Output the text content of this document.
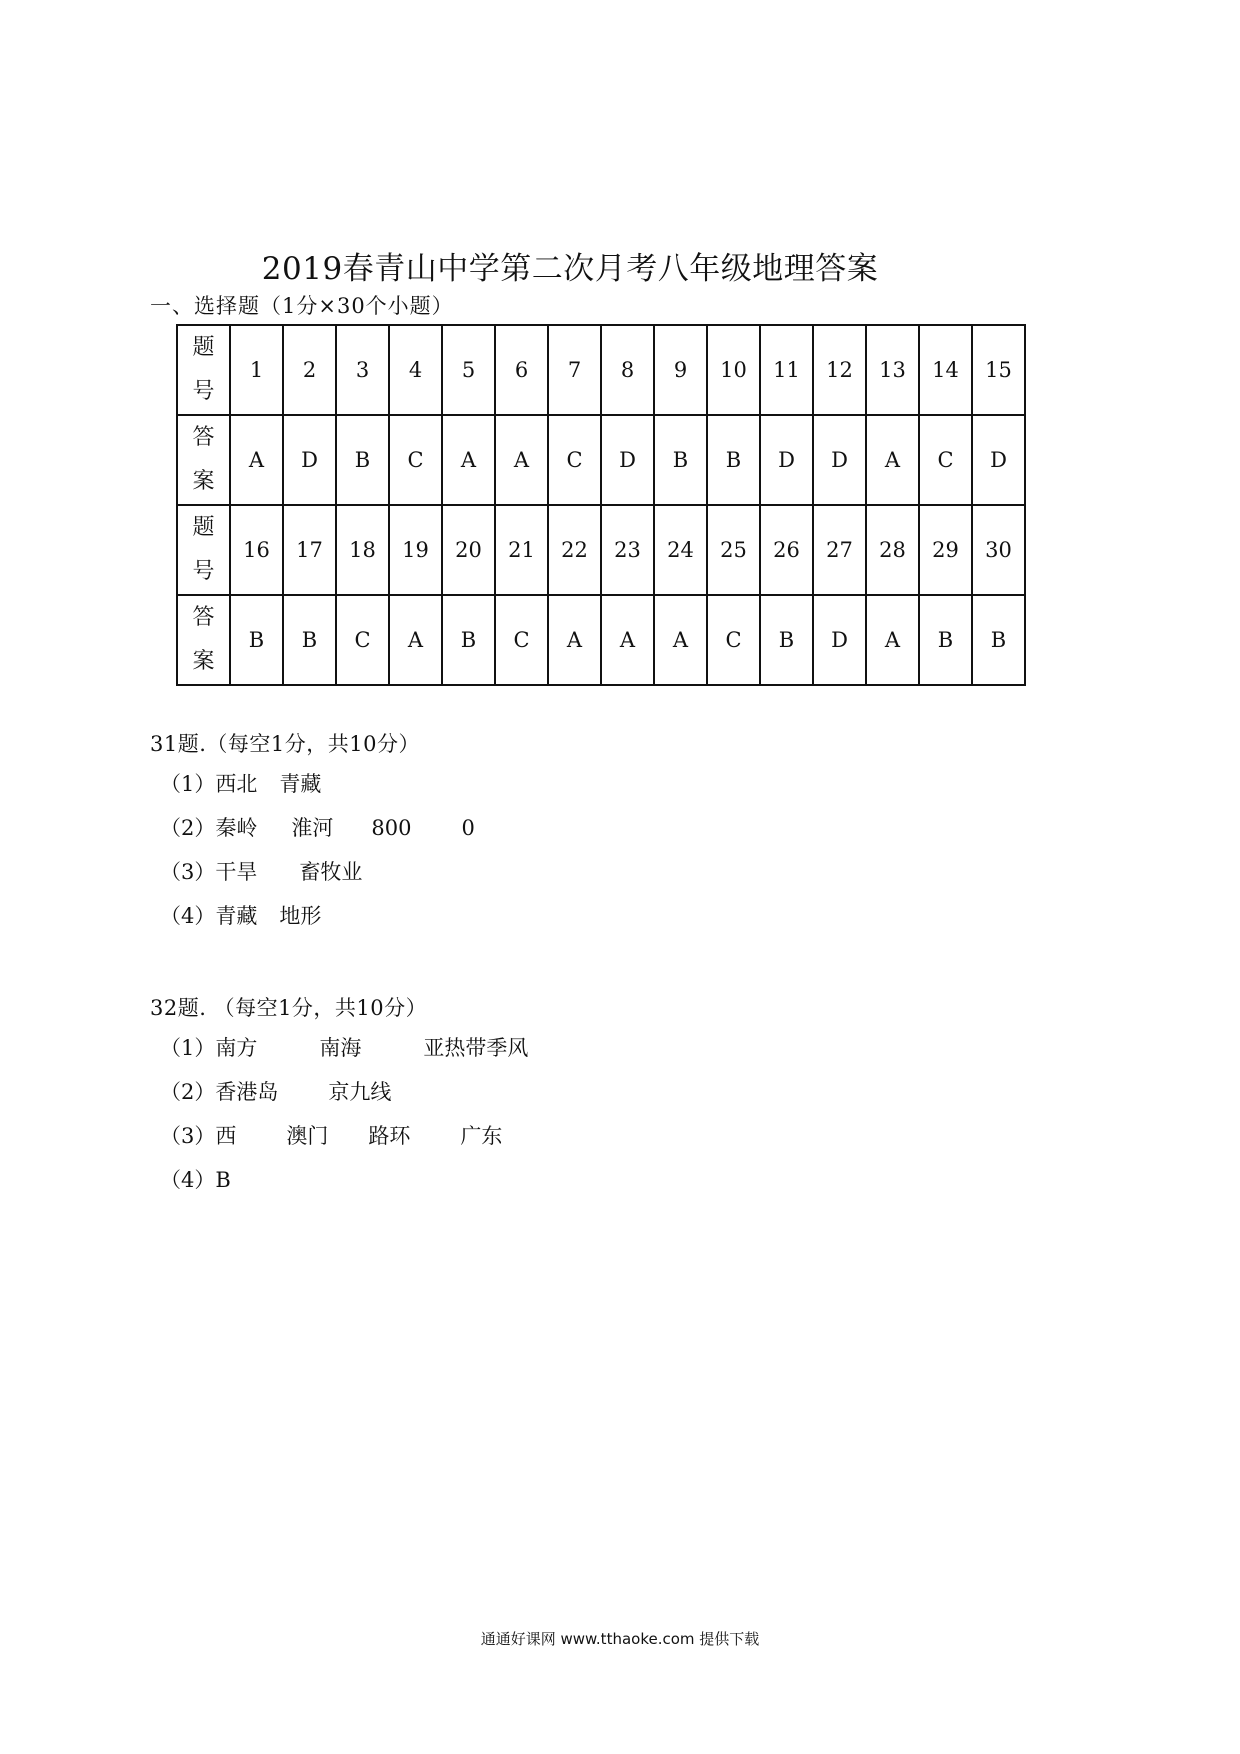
2019春青山中学第二次月考八年级地理答案
一、选择题（1分×30个小题）
题
号	1	2	3	4	5	6	7	8	9	10	11	12	13	14	15

答
案	A	D	B	C	A	A	C	D	B	B	D	D	A	C	D

题
号	16	17	18	19	20	21	22	23	24	25	26	27	28	29	30

答
案	B	B	C	A	B	C	A	A	A	C	B	D	A	B	B
31题.（每空1分，共10分）
（1）西北 青藏
（2）秦岭 淮河 800 0
（3）干旱 畜牧业
（4）青藏 地形
32题. （每空1分，共10分）
（1）南方	南海	亚热带季风
（2）香港岛 京九线
（3）西 澳门 路环 广东
（4）B
通通好课网 www.tthaoke.com 提供下载
